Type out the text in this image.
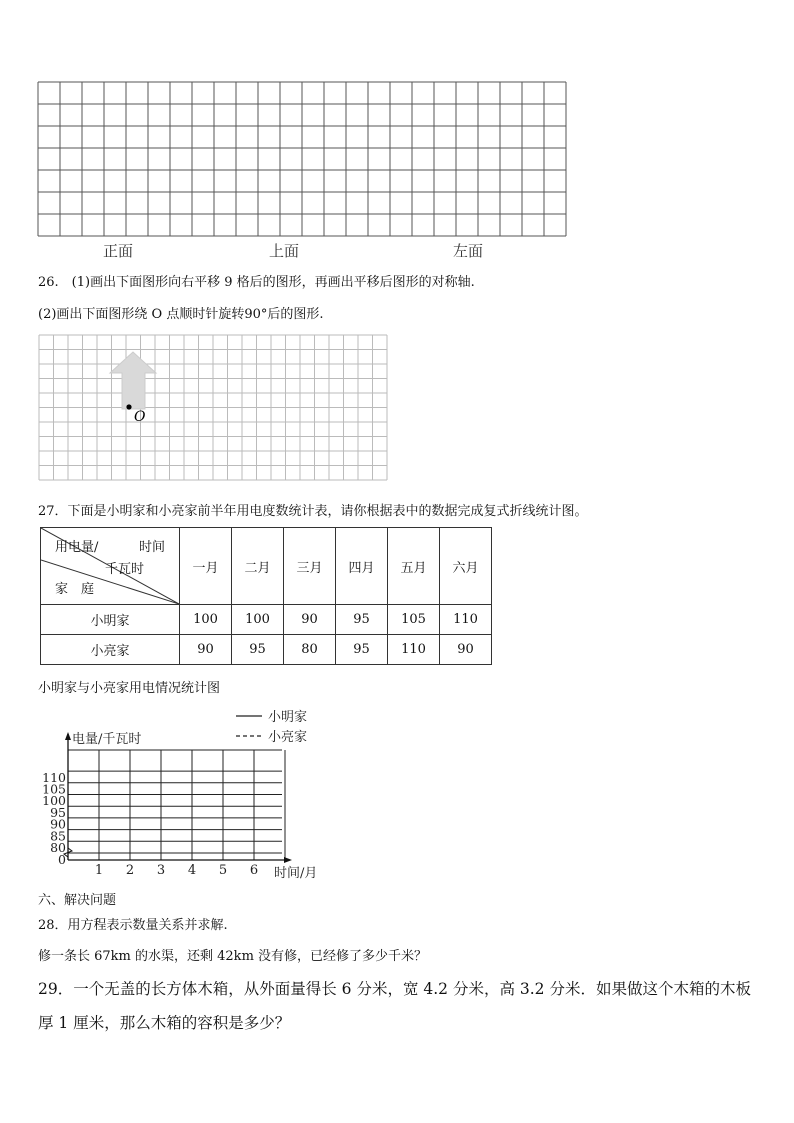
正面	上面	左面
26.　(1)画出下面图形向右平移 9 格后的图形，再画出平移后图形的对称轴.
(2)画出下面图形绕 O 点顺时针旋转90°后的图形.
O
27．下面是小明家和小亮家前半年用电度数统计表，请你根据表中的数据完成复式折线统计图。
用电量/ 时间
千瓦时
家　庭	一月	二月	三月	四月	五月	六月
小明家	100	100	90	95	105	110
小亮家	90	95	80	95	110	90
小明家与小亮家用电情况统计图
小明家
小亮家
电量/千瓦时
时间/月
110
105
100
95
90
85
80
0
1 2 3 4 5 6
六、解决问题
28．用方程表示数量关系并求解.
修一条长 67km 的水渠，还剩 42km 没有修，已经修了多少千米？
29．一个无盖的长方体木箱，从外面量得长 6 分米，宽 4.2 分米，高 3.2 分米．如果做这个木箱的木板
厚 1 厘米，那么木箱的容积是多少？
